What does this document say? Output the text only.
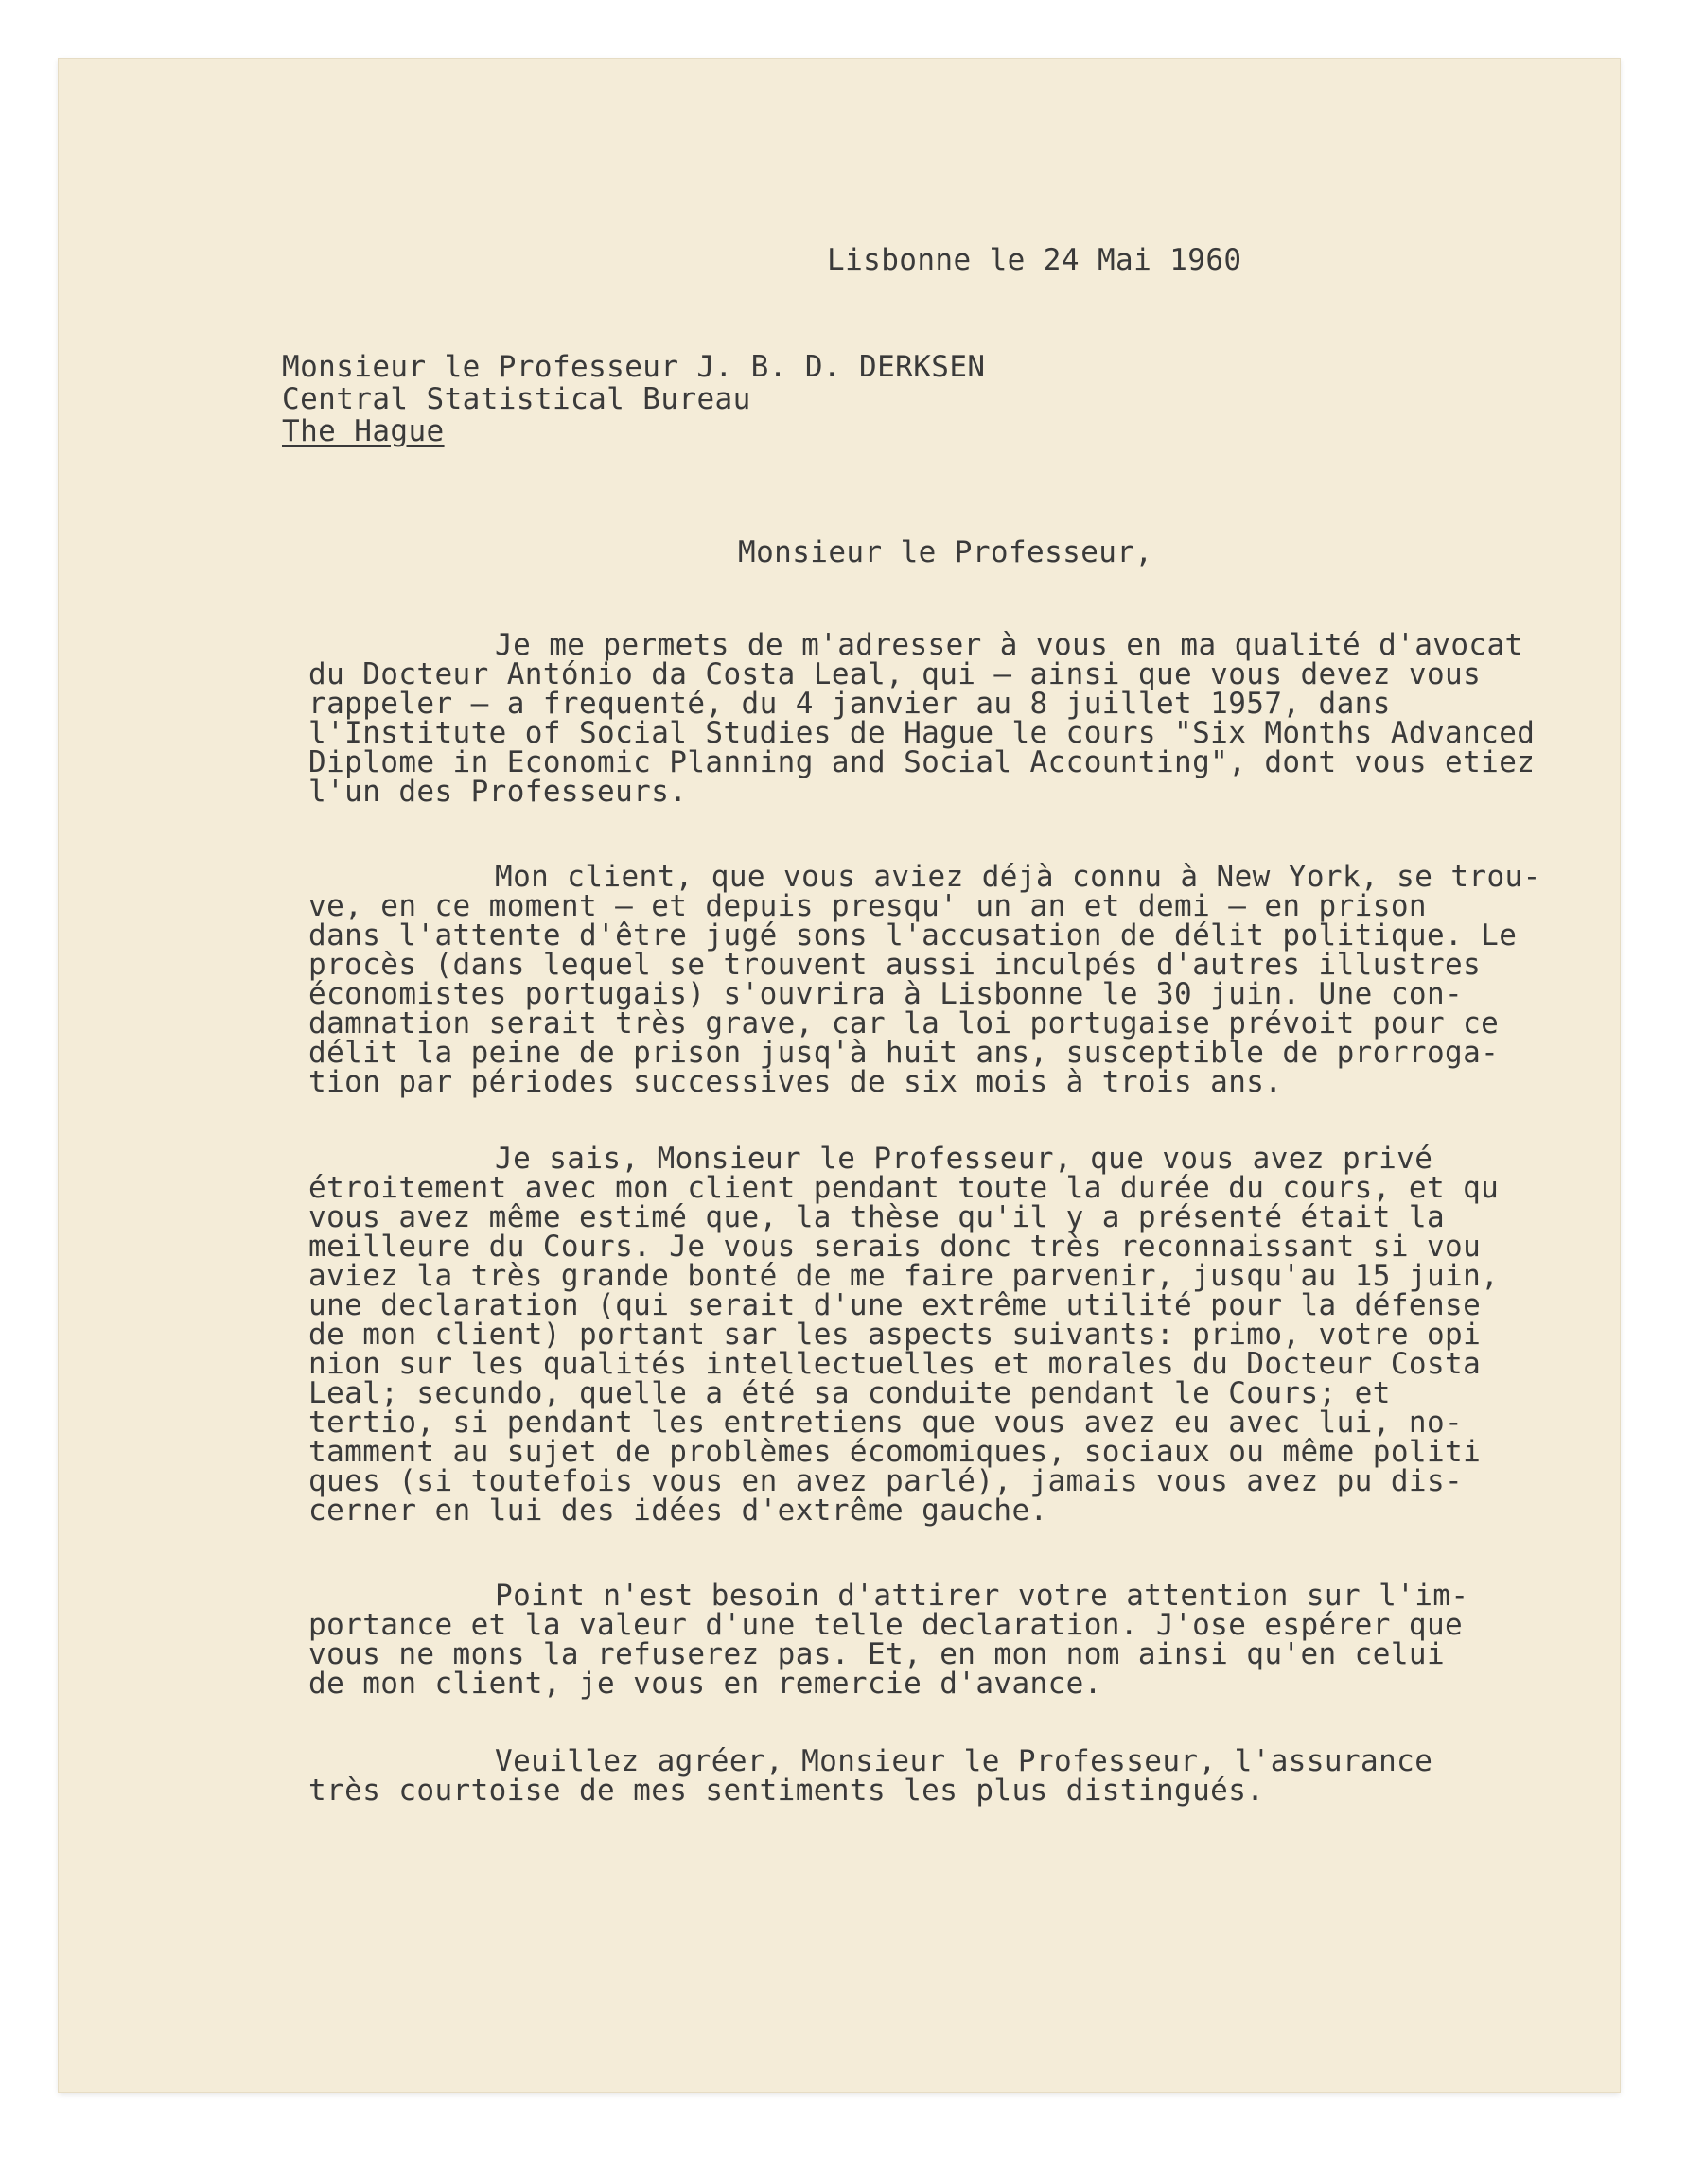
Lisbonne le 24 Mai 1960
Monsieur le Professeur J. B. D. DERKSEN
Central Statistical Bureau
The Hague
Monsieur le Professeur,
Je me permets de m'adresser à vous en ma qualité d'avocat
du Docteur António da Costa Leal, qui — ainsi que vous devez vous
rappeler — a frequenté, du 4 janvier au 8 juillet 1957, dans
l'Institute of Social Studies de Hague le cours "Six Months Advanced
Diplome in Economic Planning and Social Accounting", dont vous etiez
l'un des Professeurs.
Mon client, que vous aviez déjà connu à New York, se trou-
ve, en ce moment — et depuis presqu' un an et demi — en prison
dans l'attente d'être jugé sons l'accusation de délit politique. Le
procès (dans lequel se trouvent aussi inculpés d'autres illustres
économistes portugais) s'ouvrira à Lisbonne le 30 juin. Une con-
damnation serait très grave, car la loi portugaise prévoit pour ce
délit la peine de prison jusq'à huit ans, susceptible de prorroga-
tion par périodes successives de six mois à trois ans.
Je sais, Monsieur le Professeur, que vous avez privé
étroitement avec mon client pendant toute la durée du cours, et qu
vous avez même estimé que, la thèse qu'il y a présenté était la
meilleure du Cours. Je vous serais donc très reconnaissant si vou
aviez la très grande bonté de me faire parvenir, jusqu'au 15 juin,
une declaration (qui serait d'une extrême utilité pour la défense
de mon client) portant sar les aspects suivants: primo, votre opi
nion sur les qualités intellectuelles et morales du Docteur Costa
Leal; secundo, quelle a été sa conduite pendant le Cours; et
tertio, si pendant les entretiens que vous avez eu avec lui, no-
tamment au sujet de problèmes écomomiques, sociaux ou même politi
ques (si toutefois vous en avez parlé), jamais vous avez pu dis-
cerner en lui des idées d'extrême gauche.
Point n'est besoin d'attirer votre attention sur l'im-
portance et la valeur d'une telle declaration. J'ose espérer que
vous ne mons la refuserez pas. Et, en mon nom ainsi qu'en celui
de mon client, je vous en remercie d'avance.
Veuillez agréer, Monsieur le Professeur, l'assurance
très courtoise de mes sentiments les plus distingués.
